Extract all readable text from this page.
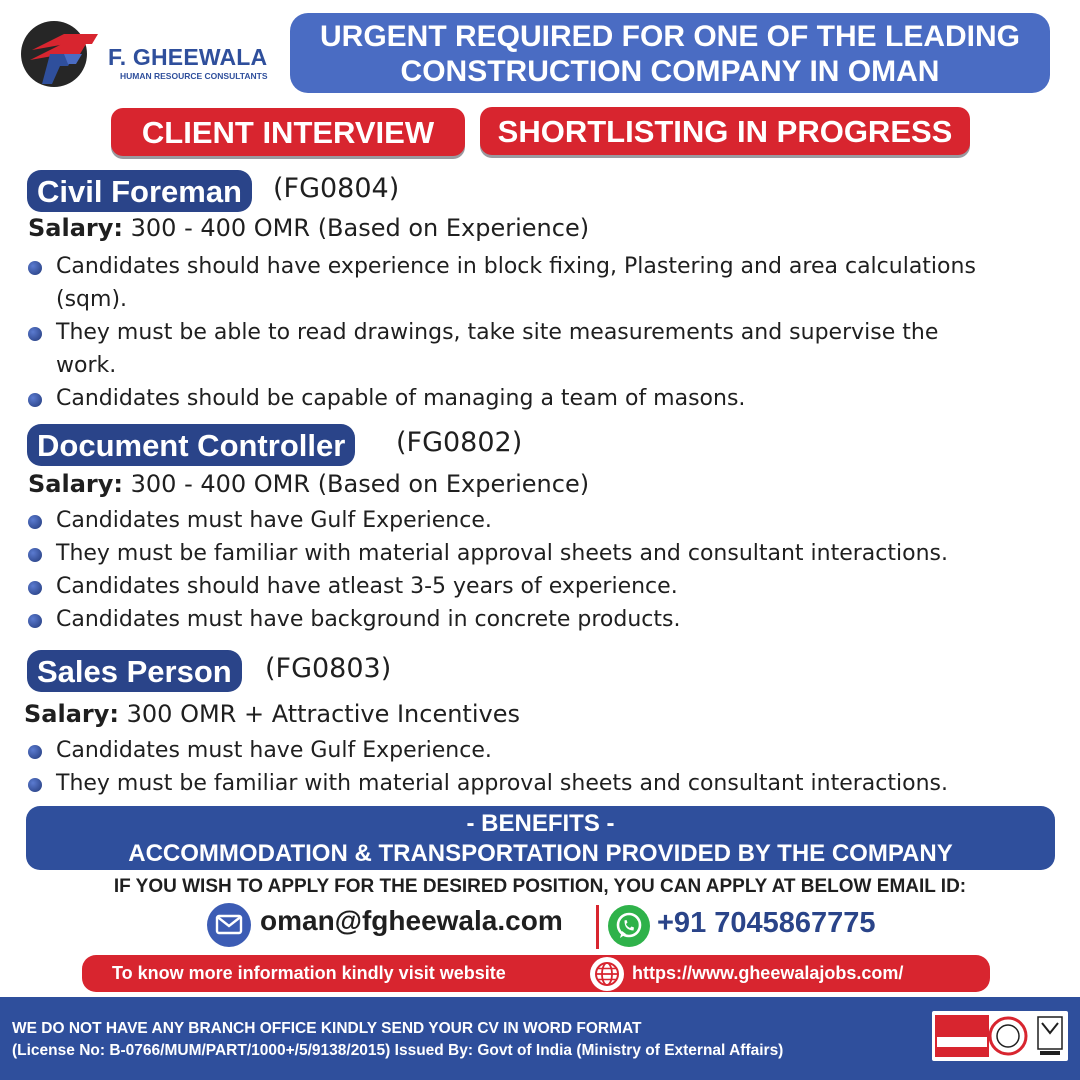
F. GHEEWALA
HUMAN RESOURCE CONSULTANTS
URGENT REQUIRED FOR ONE OF THE LEADING
CONSTRUCTION COMPANY IN OMAN
CLIENT INTERVIEW	SHORTLISTING IN PROGRESS
Civil Foreman	(FG0804)
Salary: 300 - 400 OMR (Based on Experience)
Candidates should have experience in block fixing, Plastering and area calculations (sqm).
They must be able to read drawings, take site measurements and supervise the work.
Candidates should be capable of managing a team of masons.
Document Controller	(FG0802)
Salary: 300 - 400 OMR (Based on Experience)
Candidates must have Gulf Experience.
They must be familiar with material approval sheets and consultant interactions.
Candidates should have atleast 3-5 years of experience.
Candidates must have background in concrete products.
Sales Person	(FG0803)
Salary: 300 OMR + Attractive Incentives
Candidates must have Gulf Experience.
They must be familiar with material approval sheets and consultant interactions.
- BENEFITS -
ACCOMMODATION & TRANSPORTATION PROVIDED BY THE COMPANY
IF YOU WISH TO APPLY FOR THE DESIRED POSITION, YOU CAN APPLY AT BELOW EMAIL ID:
oman@fgheewala.com	+91 7045867775
To know more information kindly visit website	https://www.gheewalajobs.com/
WE DO NOT HAVE ANY BRANCH OFFICE KINDLY SEND YOUR CV IN WORD FORMAT
(License No: B-0766/MUM/PART/1000+/5/9138/2015) Issued By: Govt of India (Ministry of External Affairs)
